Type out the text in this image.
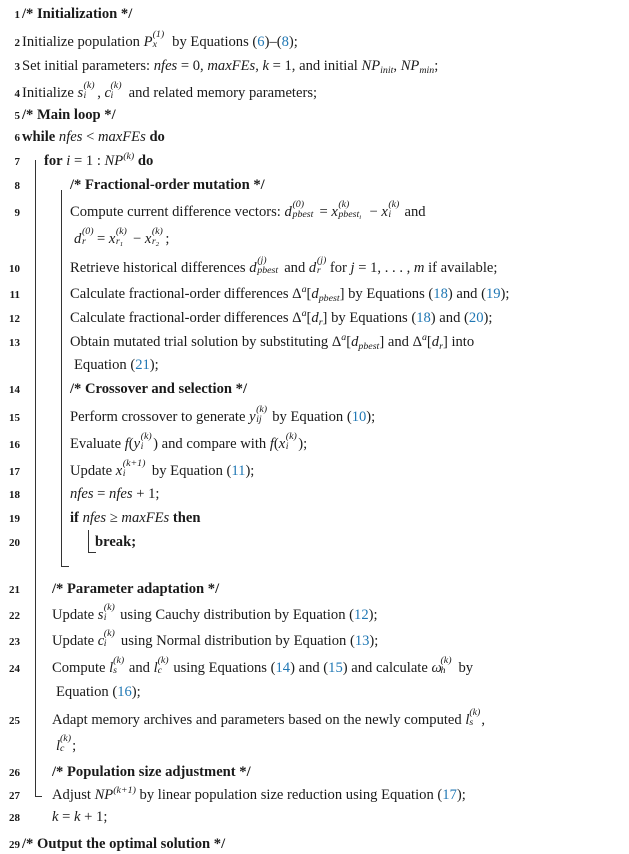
1 /* Initialization */
2 Initialize population P (1)
x by Equations (6)–(8);
3 Set initial parameters: nfes = 0, maxFEs, k = 1, and initial $NP_{init}$, $NP_{min}$;
4 Initialize s (k)
i , c (k)
i and related memory parameters;
5 /* Main loop */
6 while nfes < maxFEs do
7 for i = 1 : NP$^{(k)}$ do
8	/* Fractional-order mutation */
9	Compute current difference vectors: d (0)
pbest = x (k)
pbest$_i$ − x (k)
i and
d (0)
r = x (k)
$r_1 - x$ (k)
$r_2$ ;
10	Retrieve historical differences d (j)
pbest and d (j)
r for j = 1, . . . , m if available;
11	Calculate fractional-order differences $\Delta^a[d_{pbest}]$ by Equations (18) and (19);
12	Calculate fractional-order differences $\Delta^a[d_r]$ by Equations (18) and (20);
13	Obtain mutated trial solution by substituting $\Delta^a[d_{pbest}]$ and $\Delta^a[d_r]$ into
Equation (21);
14	/* Crossover and selection */
15	Perform crossover to generate y (k)
ij by Equation (10);
16	Evaluate f(y (k)
i ) and compare with f(x (k)
i );
17	Update x (k+1)
i by Equation (11);
18	nfes = nfes + 1;
19	if nfes ≥ maxFEs then
20	break;
21 /* Parameter adaptation */
22 Update s (k)
i using Cauchy distribution by Equation (12);
23 Update c (k)
i using Normal distribution by Equation (13);
24 Compute l (k)
s and l (k)
c using Equations (14) and (15) and calculate ω
(k)
h by
Equation (16);
25 Adapt memory archives and parameters based on the newly computed l (k)
s ,
l (k)
c ;
26 /* Population size adjustment */
27 Adjust $NP^{(k+1)}$ by linear population size reduction using Equation (17);
28 k = k + 1;
29 /* Output the optimal solution */
